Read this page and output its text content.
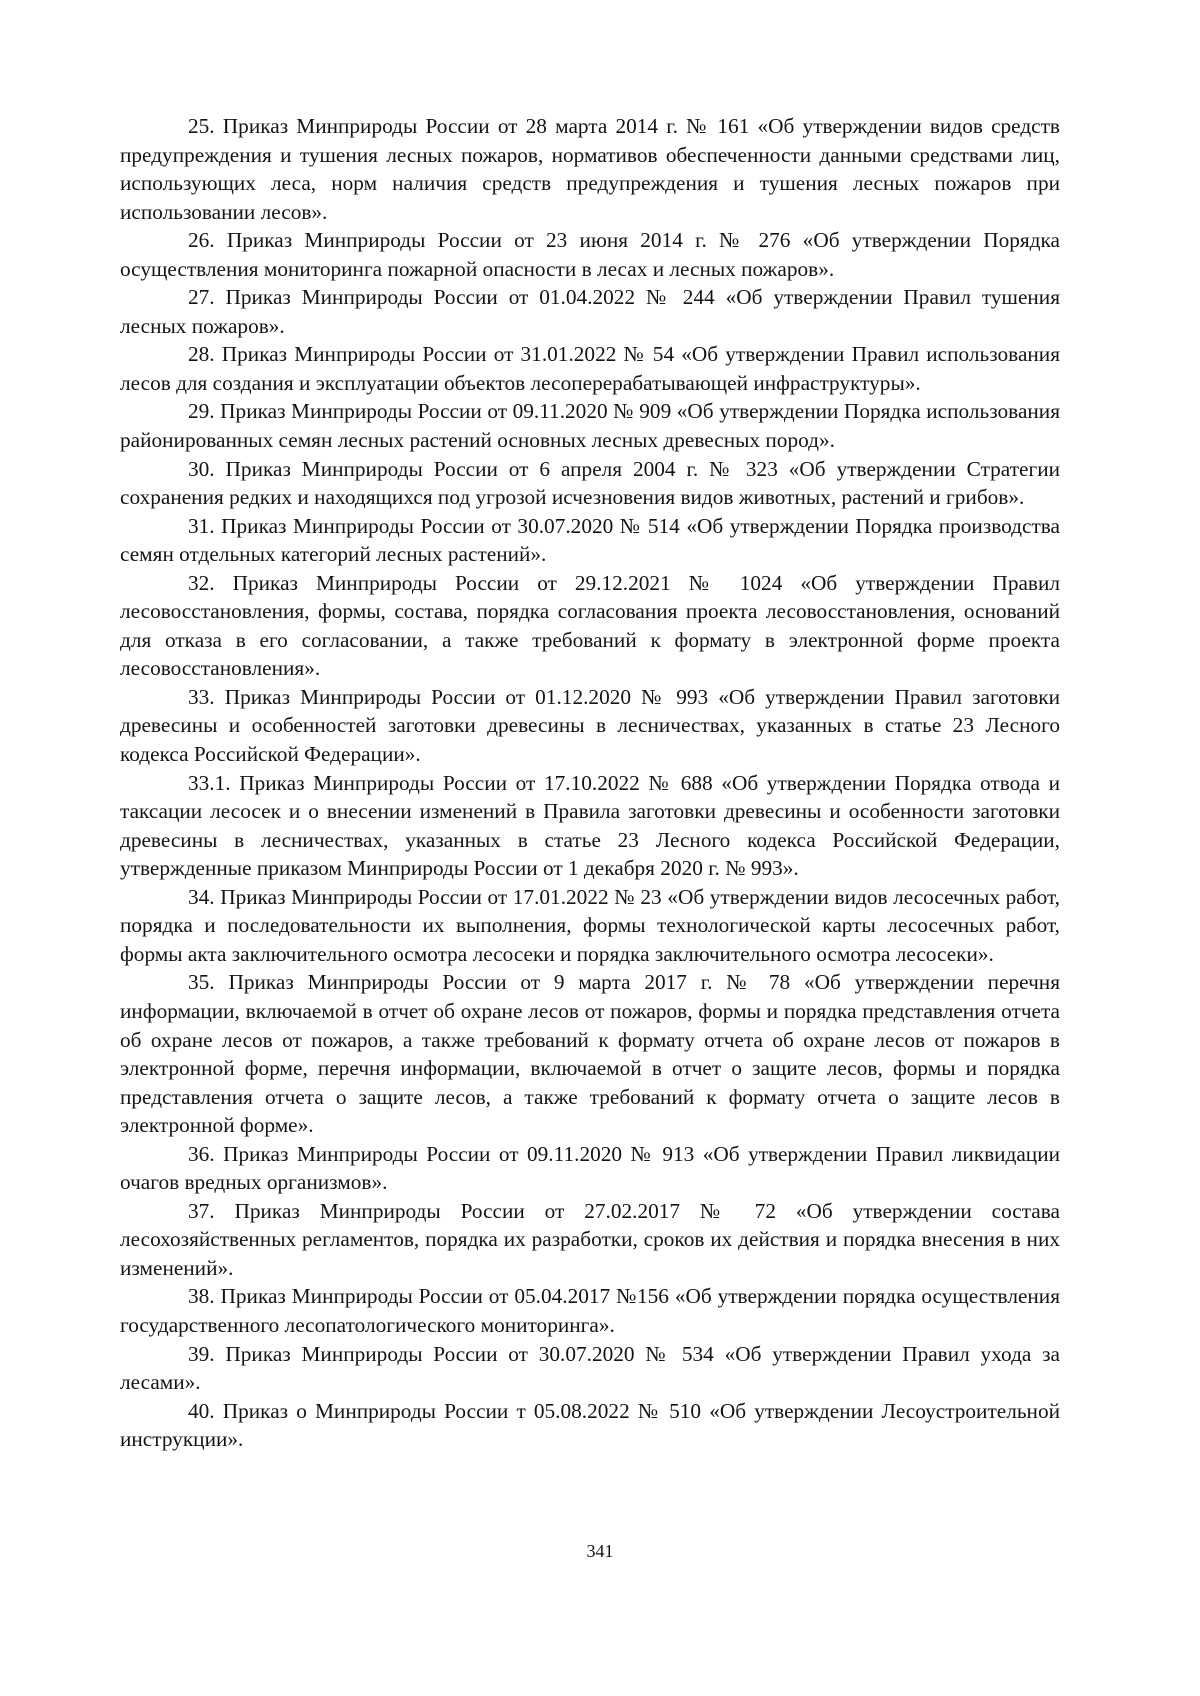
25. Приказ Минприроды России от 28 марта 2014 г. № 161 «Об утверждении видов средств предупреждения и тушения лесных пожаров, нормативов обеспеченности данными средствами лиц, использующих леса, норм наличия средств предупреждения и тушения лесных пожаров при использовании лесов».

26. Приказ Минприроды России от 23 июня 2014 г. № 276 «Об утверждении Порядка осуществления мониторинга пожарной опасности в лесах и лесных пожаров».

27. Приказ Минприроды России от 01.04.2022 № 244 «Об утверждении Правил тушения лесных пожаров».

28. Приказ Минприроды России от 31.01.2022 № 54 «Об утверждении Правил использования лесов для создания и эксплуатации объектов лесоперерабатывающей инфраструктуры».

29. Приказ Минприроды России от 09.11.2020 № 909 «Об утверждении Порядка использования районированных семян лесных растений основных лесных древесных пород».

30. Приказ Минприроды России от 6 апреля 2004 г. № 323 «Об утверждении Стратегии сохранения редких и находящихся под угрозой исчезновения видов животных, растений и грибов».

31. Приказ Минприроды России от 30.07.2020 № 514 «Об утверждении Порядка производства семян отдельных категорий лесных растений».

32. Приказ Минприроды России от 29.12.2021 № 1024 «Об утверждении Правил лесовосстановления, формы, состава, порядка согласования проекта лесовосстановления, оснований для отказа в его согласовании, а также требований к формату в электронной форме проекта лесовосстановления».

33. Приказ Минприроды России от 01.12.2020 № 993 «Об утверждении Правил заготовки древесины и особенностей заготовки древесины в лесничествах, указанных в статье 23 Лесного кодекса Российской Федерации».

33.1. Приказ Минприроды России от 17.10.2022 № 688 «Об утверждении Порядка отвода и таксации лесосек и о внесении изменений в Правила заготовки древесины и особенности заготовки древесины в лесничествах, указанных в статье 23 Лесного кодекса Российской Федерации, утвержденные приказом Минприроды России от 1 декабря 2020 г. № 993».

34. Приказ Минприроды России от 17.01.2022 № 23 «Об утверждении видов лесосечных работ, порядка и последовательности их выполнения, формы технологической карты лесосечных работ, формы акта заключительного осмотра лесосеки и порядка заключительного осмотра лесосеки».

35. Приказ Минприроды России от 9 марта 2017 г. № 78 «Об утверждении перечня информации, включаемой в отчет об охране лесов от пожаров, формы и порядка представления отчета об охране лесов от пожаров, а также требований к формату отчета об охране лесов от пожаров в электронной форме, перечня информации, включаемой в отчет о защите лесов, формы и порядка представления отчета о защите лесов, а также требований к формату отчета о защите лесов в электронной форме».

36. Приказ Минприроды России от 09.11.2020 № 913 «Об утверждении Правил ликвидации очагов вредных организмов».

37. Приказ Минприроды России от 27.02.2017 № 72 «Об утверждении состава лесохозяйственных регламентов, порядка их разработки, сроков их действия и порядка внесения в них изменений».

38. Приказ Минприроды России от 05.04.2017 №156 «Об утверждении порядка осуществления государственного лесопатологического мониторинга».

39. Приказ Минприроды России от 30.07.2020 № 534 «Об утверждении Правил ухода за лесами».

40. Приказ о Минприроды России т 05.08.2022 № 510 «Об утверждении Лесоустроительной инструкции».

341
